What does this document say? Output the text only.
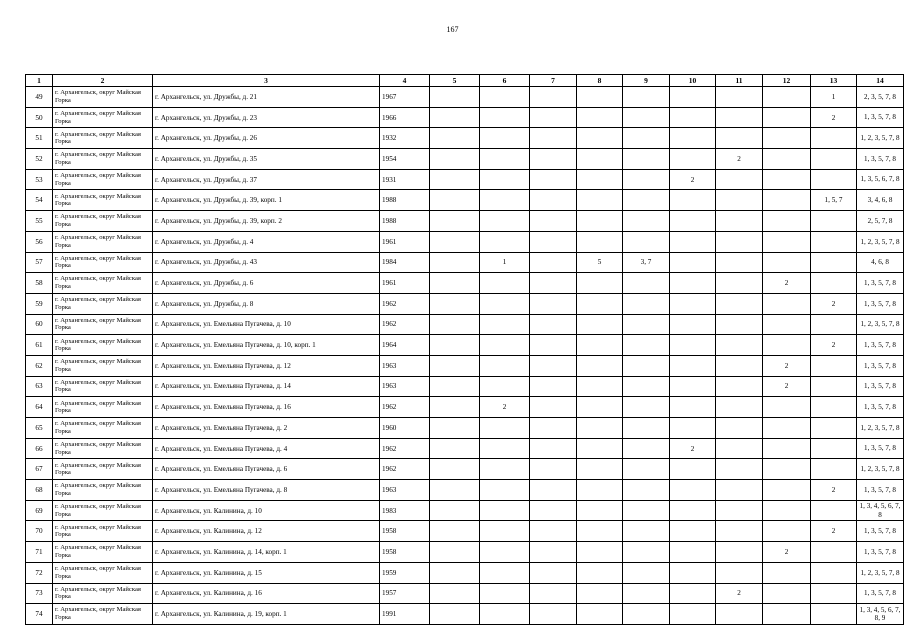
167
1	2	3	4	5	6	7	8	9	10	11	12	13	14
49	г. Архангельск, округ Майская Горка	г. Архангельск, ул. Дружбы, д. 21	1967									1	2, 3, 5, 7, 8
50	г. Архангельск, округ Майская Горка	г. Архангельск, ул. Дружбы, д. 23	1966									2	1, 3, 5, 7, 8
51	г. Архангельск, округ Майская Горка	г. Архангельск, ул. Дружбы, д. 26	1932										1, 2, 3, 5, 7, 8
52	г. Архангельск, округ Майская Горка	г. Архангельск, ул. Дружбы, д. 35	1954							2			1, 3, 5, 7, 8
53	г. Архангельск, округ Майская Горка	г. Архангельск, ул. Дружбы, д. 37	1931						2				1, 3, 5, 6, 7, 8
54	г. Архангельск, округ Майская Горка	г. Архангельск, ул. Дружбы, д. 39, корп. 1	1988									1, 5, 7	3, 4, 6, 8
55	г. Архангельск, округ Майская Горка	г. Архангельск, ул. Дружбы, д. 39, корп. 2	1988										2, 5, 7, 8
56	г. Архангельск, округ Майская Горка	г. Архангельск, ул. Дружбы, д. 4	1961										1, 2, 3, 5, 7, 8
57	г. Архангельск, округ Майская Горка	г. Архангельск, ул. Дружбы, д. 43	1984		1		5	3, 7					4, 6, 8
58	г. Архангельск, округ Майская Горка	г. Архангельск, ул. Дружбы, д. 6	1961								2		1, 3, 5, 7, 8
59	г. Архангельск, округ Майская Горка	г. Архангельск, ул. Дружбы, д. 8	1962									2	1, 3, 5, 7, 8
60	г. Архангельск, округ Майская Горка	г. Архангельск, ул. Емельяна Пугачева, д. 10	1962										1, 2, 3, 5, 7, 8
61	г. Архангельск, округ Майская Горка	г. Архангельск, ул. Емельяна Пугачева, д. 10, корп. 1	1964									2	1, 3, 5, 7, 8
62	г. Архангельск, округ Майская Горка	г. Архангельск, ул. Емельяна Пугачева, д. 12	1963								2		1, 3, 5, 7, 8
63	г. Архангельск, округ Майская Горка	г. Архангельск, ул. Емельяна Пугачева, д. 14	1963								2		1, 3, 5, 7, 8
64	г. Архангельск, округ Майская Горка	г. Архангельск, ул. Емельяна Пугачева, д. 16	1962		2								1, 3, 5, 7, 8
65	г. Архангельск, округ Майская Горка	г. Архангельск, ул. Емельяна Пугачева, д. 2	1960										1, 2, 3, 5, 7, 8
66	г. Архангельск, округ Майская Горка	г. Архангельск, ул. Емельяна Пугачева, д. 4	1962						2				1, 3, 5, 7, 8
67	г. Архангельск, округ Майская Горка	г. Архангельск, ул. Емельяна Пугачева, д. 6	1962										1, 2, 3, 5, 7, 8
68	г. Архангельск, округ Майская Горка	г. Архангельск, ул. Емельяна Пугачева, д. 8	1963									2	1, 3, 5, 7, 8
69	г. Архангельск, округ Майская Горка	г. Архангельск, ул. Калинина, д. 10	1983										1, 3, 4, 5, 6, 7, 8
70	г. Архангельск, округ Майская Горка	г. Архангельск, ул. Калинина, д. 12	1958									2	1, 3, 5, 7, 8
71	г. Архангельск, округ Майская Горка	г. Архангельск, ул. Калинина, д. 14, корп. 1	1958								2		1, 3, 5, 7, 8
72	г. Архангельск, округ Майская Горка	г. Архангельск, ул. Калинина, д. 15	1959										1, 2, 3, 5, 7, 8
73	г. Архангельск, округ Майская Горка	г. Архангельск, ул. Калинина, д. 16	1957							2			1, 3, 5, 7, 8
74	г. Архангельск, округ Майская Горка	г. Архангельск, ул. Калинина, д. 19, корп. 1	1991										1, 3, 4, 5, 6, 7, 8, 9
